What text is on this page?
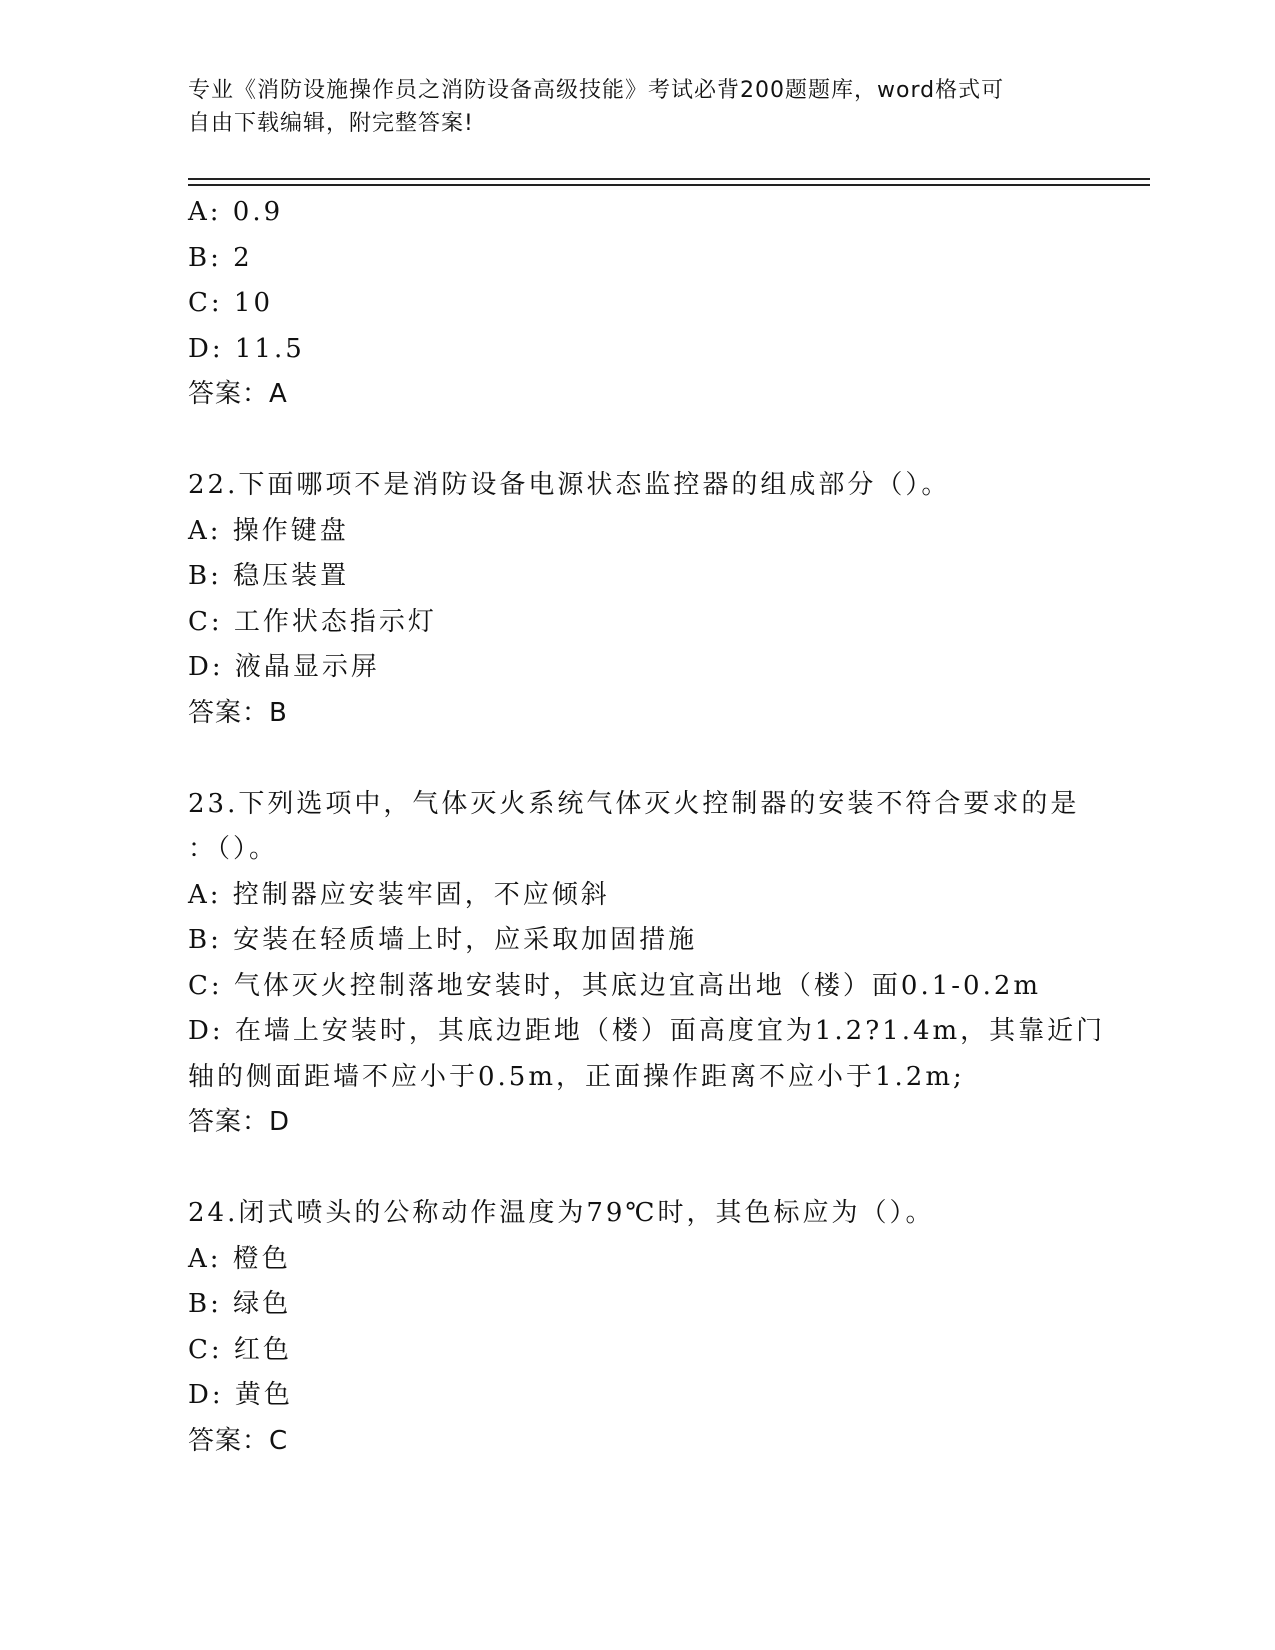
专业《消防设施操作员之消防设备高级技能》考试必背200题题库，word格式可
自由下载编辑，附完整答案!
A: 0.9
B: 2
C: 10
D: 11.5
答案：A
22.下面哪项不是消防设备电源状态监控器的组成部分（）。
A: 操作键盘
B: 稳压装置
C: 工作状态指示灯
D: 液晶显示屏
答案：B
23.下列选项中，气体灭火系统气体灭火控制器的安装不符合要求的是
：（）。
A: 控制器应安装牢固，不应倾斜
B: 安装在轻质墙上时，应采取加固措施
C: 气体灭火控制落地安装时，其底边宜高出地（楼）面0.1-0.2m
D: 在墙上安装时，其底边距地（楼）面高度宜为1.2?1.4m，其靠近门
轴的侧面距墙不应小于0.5m，正面操作距离不应小于1.2m;
答案：D
24.闭式喷头的公称动作温度为79℃时，其色标应为（）。
A: 橙色
B: 绿色
C: 红色
D: 黄色
答案：C
